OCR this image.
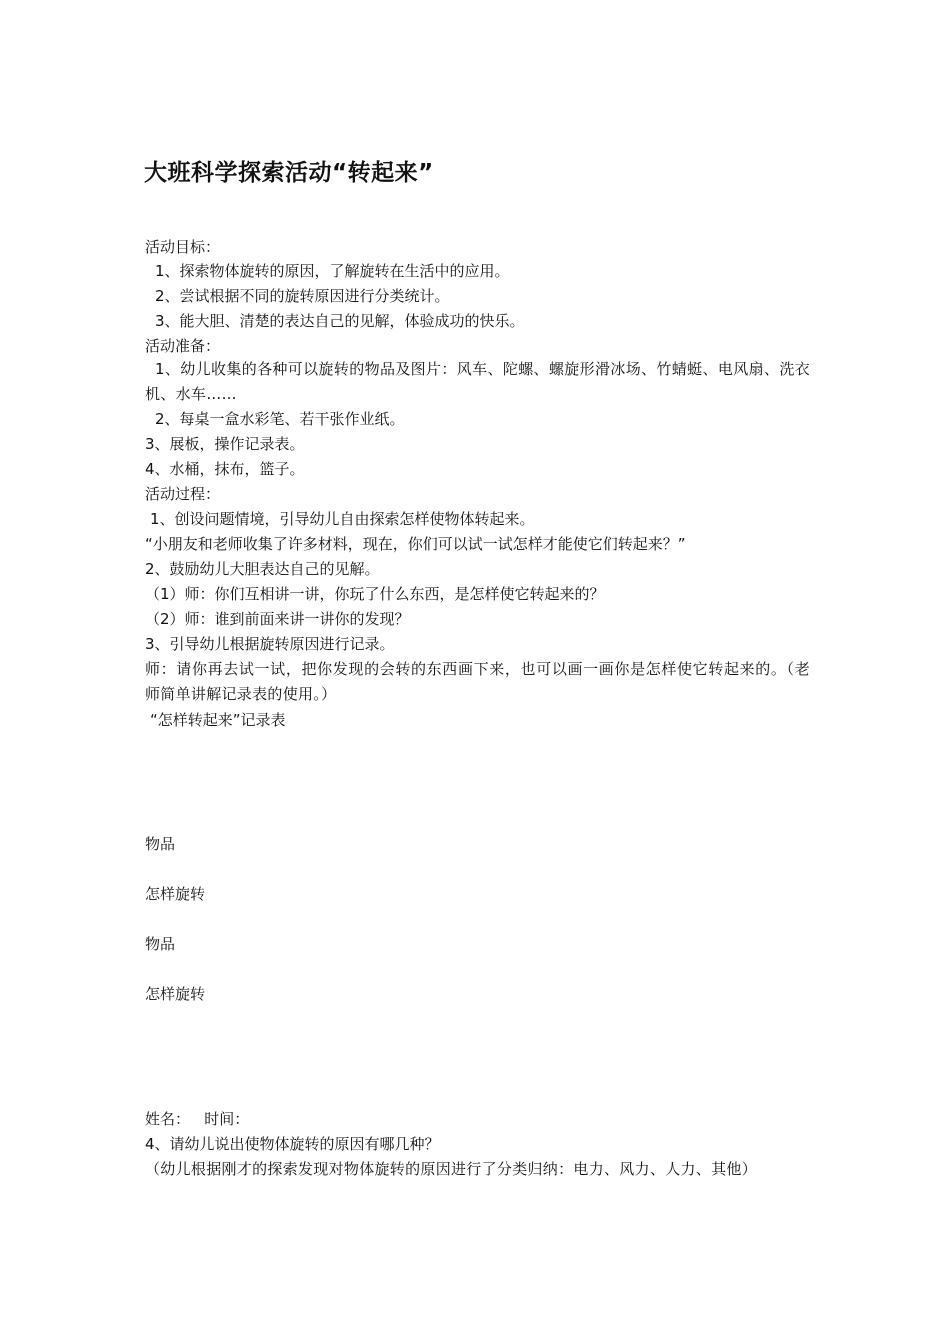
大班科学探索活动“转起来”
活动目标：
1、探索物体旋转的原因，了解旋转在生活中的应用。
2、尝试根据不同的旋转原因进行分类统计。
3、能大胆、清楚的表达自己的见解，体验成功的快乐。
活动准备：
1、幼儿收集的各种可以旋转的物品及图片：风车、陀螺、螺旋形滑冰场、竹蜻蜓、电风扇、洗衣机、水车……
2、每桌一盒水彩笔、若干张作业纸。
3、展板，操作记录表。
4、水桶，抹布，篮子。
活动过程：
1、创设问题情境，引导幼儿自由探索怎样使物体转起来。
“小朋友和老师收集了许多材料，现在，你们可以试一试怎样才能使它们转起来？”
2、鼓励幼儿大胆表达自己的见解。
（1）师：你们互相讲一讲，你玩了什么东西，是怎样使它转起来的？
（2）师：谁到前面来讲一讲你的发现？
3、引导幼儿根据旋转原因进行记录。
师：请你再去试一试，把你发现的会转的东西画下来，也可以画一画你是怎样使它转起来的。（老师简单讲解记录表的使用。）
“怎样转起来”记录表
物品
怎样旋转
物品
怎样旋转
姓名：   时间：
4、请幼儿说出使物体旋转的原因有哪几种？
（幼儿根据刚才的探索发现对物体旋转的原因进行了分类归纳：电力、风力、人力、其他）
